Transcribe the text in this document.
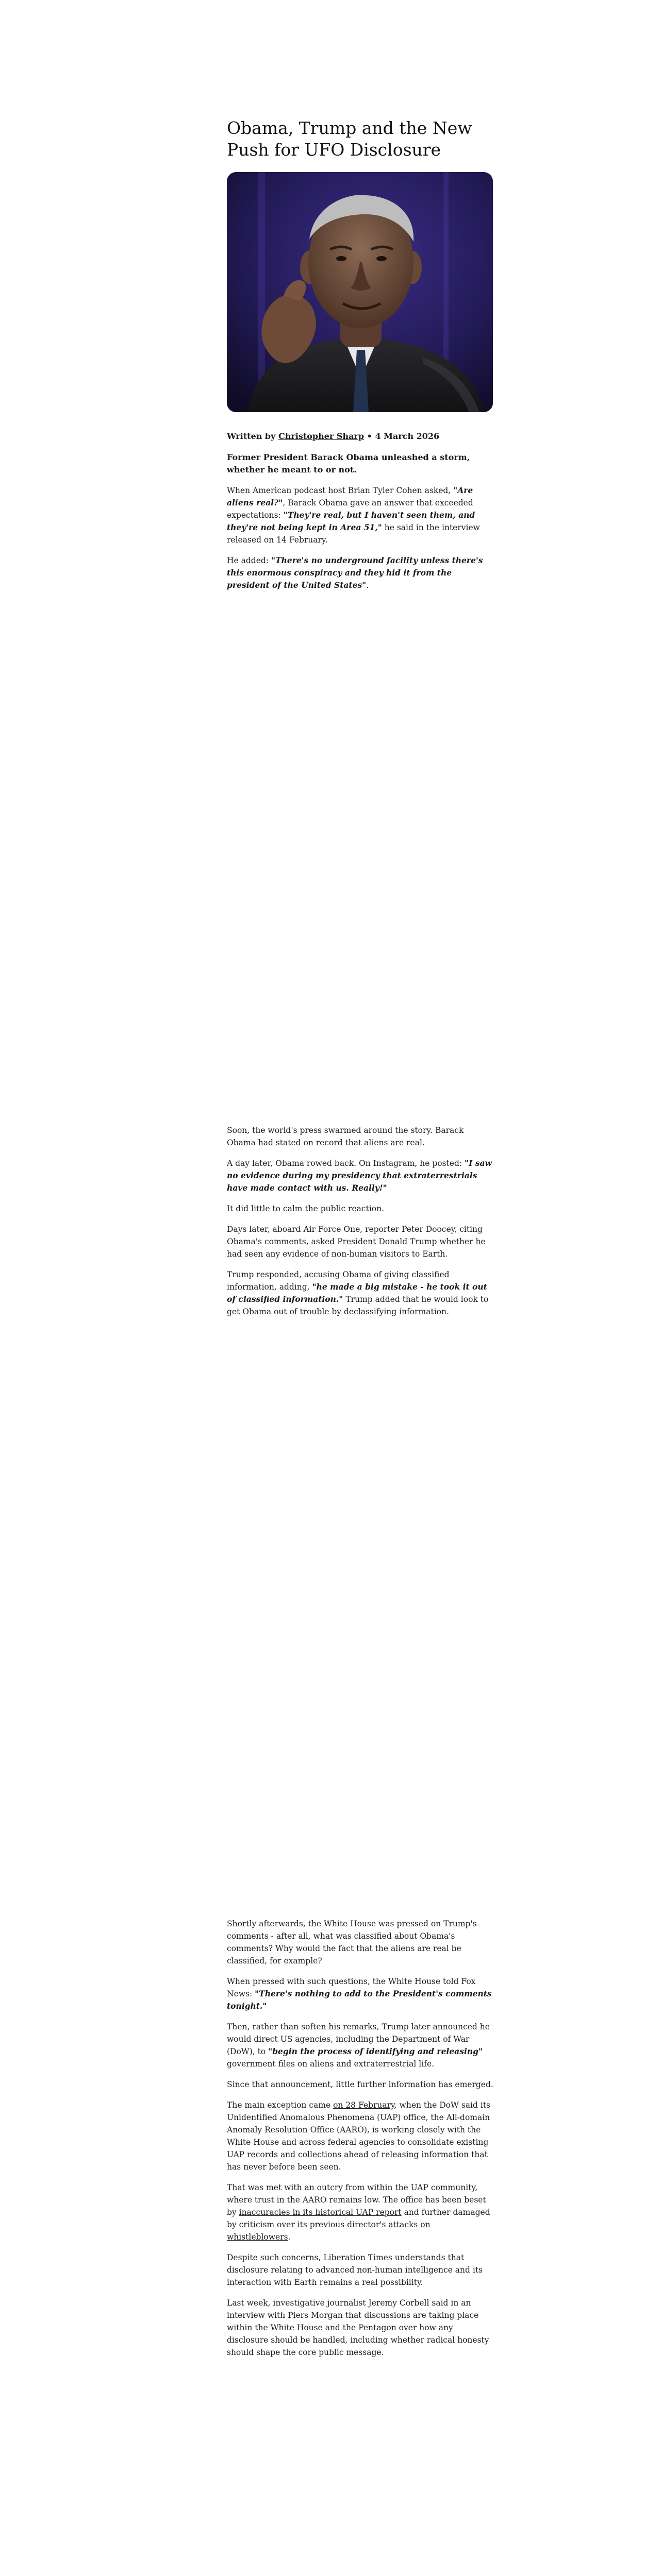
Obama, Trump and the New Push for UFO Disclosure
Written by Christopher Sharp • 4 March 2026

Former President Barack Obama unleashed a storm, whether he meant to or not.

When American podcast host Brian Tyler Cohen asked, "Are aliens real?", Barack Obama gave an answer that exceeded expectations: "They're real, but I haven't seen them, and they're not being kept in Area 51," he said in the interview released on 14 February.

He added: "There's no underground facility unless there's this enormous conspiracy and they hid it from the president of the United States".

Soon, the world's press swarmed around the story. Barack Obama had stated on record that aliens are real.

A day later, Obama rowed back. On Instagram, he posted: "I saw no evidence during my presidency that extraterrestrials have made contact with us. Really!"

It did little to calm the public reaction.

Days later, aboard Air Force One, reporter Peter Doocey, citing Obama's comments, asked President Donald Trump whether he had seen any evidence of non-human visitors to Earth.

Trump responded, accusing Obama of giving classified information, adding, "he made a big mistake - he took it out of classified information." Trump added that he would look to get Obama out of trouble by declassifying information.

Shortly afterwards, the White House was pressed on Trump's comments - after all, what was classified about Obama's comments? Why would the fact that the aliens are real be classified, for example?

When pressed with such questions, the White House told Fox News: "There's nothing to add to the President's comments tonight."

Then, rather than soften his remarks, Trump later announced he would direct US agencies, including the Department of War (DoW), to "begin the process of identifying and releasing" government files on aliens and extraterrestrial life.

Since that announcement, little further information has emerged.

The main exception came on 28 February, when the DoW said its Unidentified Anomalous Phenomena (UAP) office, the All-domain Anomaly Resolution Office (AARO), is working closely with the White House and across federal agencies to consolidate existing UAP records and collections ahead of releasing information that has never before been seen.

That was met with an outcry from within the UAP community, where trust in the AARO remains low. The office has been beset by inaccuracies in its historical UAP report and further damaged by criticism over its previous director's attacks on whistleblowers.

Despite such concerns, Liberation Times understands that disclosure relating to advanced non-human intelligence and its interaction with Earth remains a real possibility.

Last week, investigative journalist Jeremy Corbell said in an interview with Piers Morgan that discussions are taking place within the White House and the Pentagon over how any disclosure should be handled, including whether radical honesty should shape the core public message.
